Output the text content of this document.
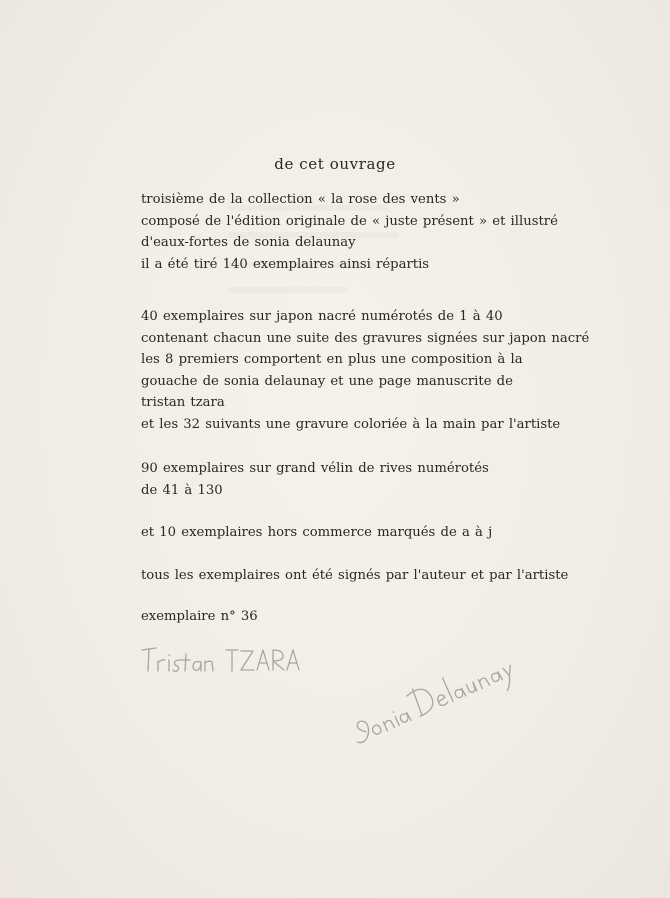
de cet ouvrage
troisième de la collection « la rose des vents »
composé de l'édition originale de « juste présent » et illustré
d'eaux-fortes de sonia delaunay
il a été tiré 140 exemplaires ainsi répartis
40 exemplaires sur japon nacré numérotés de 1 à 40
contenant chacun une suite des gravures signées sur japon nacré
les 8 premiers comportent en plus une composition à la
gouache de sonia delaunay et une page manuscrite de
tristan tzara
et les 32 suivants une gravure coloriée à la main par l'artiste
90 exemplaires sur grand vélin de rives numérotés
de 41 à 130
et 10 exemplaires hors commerce marqués de a à j
tous les exemplaires ont été signés par l'auteur et par l'artiste
exemplaire n° 36
